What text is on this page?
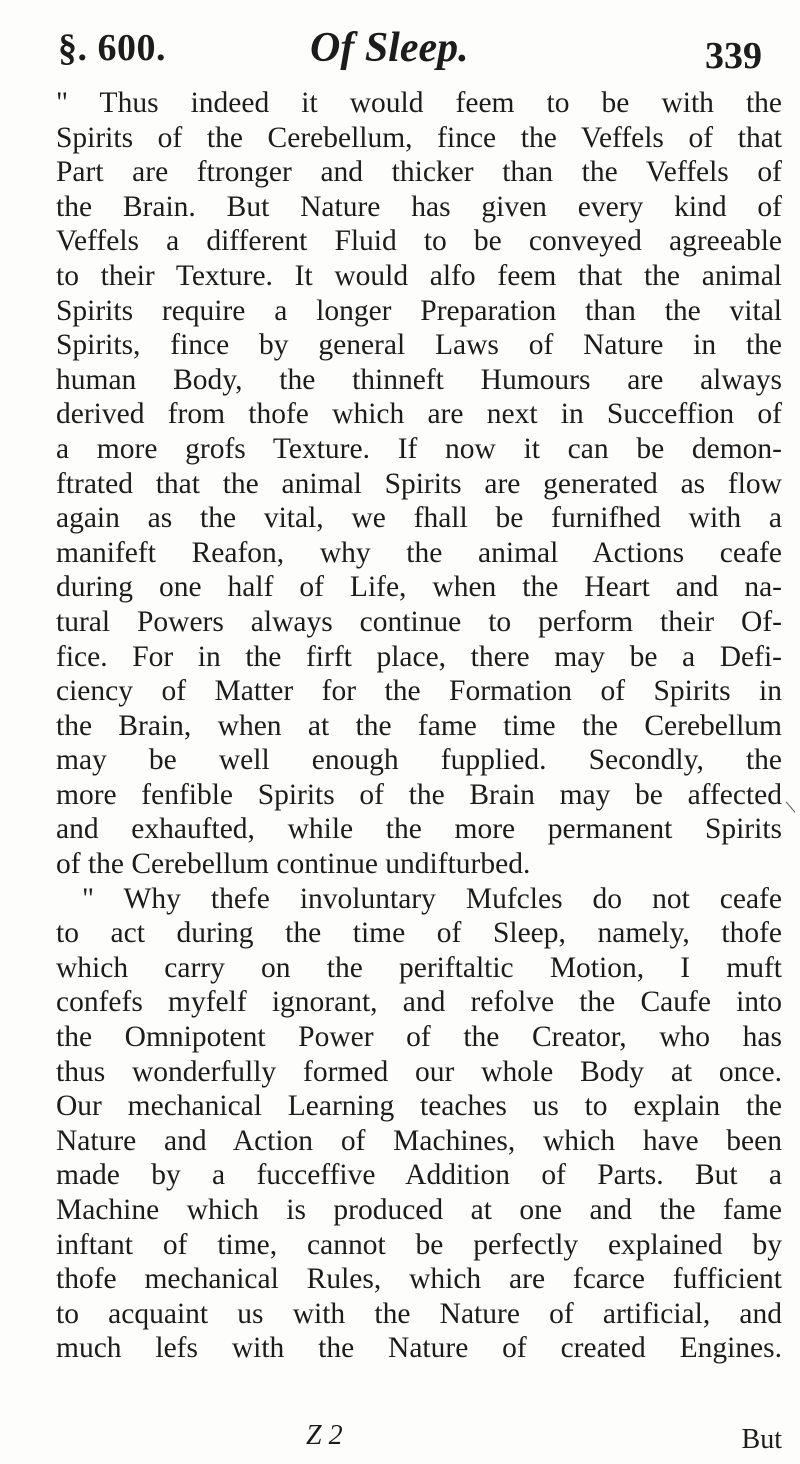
§. 600.	Of Sleep.	339
" Thus indeed it would feem to be with the
Spirits of the Cerebellum, fince the Veffels of that
Part are ftronger and thicker than the Veffels of
the Brain. But Nature has given every kind of
Veffels a different Fluid to be conveyed agreeable
to their Texture. It would alfo feem that the animal
Spirits require a longer Preparation than the vital
Spirits, fince by general Laws of Nature in the
human Body, the thinneft Humours are always
derived from thofe which are next in Succeffion of
a more grofs Texture. If now it can be demon-
ftrated that the animal Spirits are generated as flow
again as the vital, we fhall be furnifhed with a
manifeft Reafon, why the animal Actions ceafe
during one half of Life, when the Heart and na-
tural Powers always continue to perform their Of-
fice. For in the firft place, there may be a Defi-
ciency of Matter for the Formation of Spirits in
the Brain, when at the fame time the Cerebellum
may be well enough fupplied. Secondly, the
more fenfible Spirits of the Brain may be affected
and exhaufted, while the more permanent Spirits
of the Cerebellum continue undifturbed.
" Why thefe involuntary Mufcles do not ceafe
to act during the time of Sleep, namely, thofe
which carry on the periftaltic Motion, I muft
confefs myfelf ignorant, and refolve the Caufe into
the Omnipotent Power of the Creator, who has
thus wonderfully formed our whole Body at once.
Our mechanical Learning teaches us to explain the
Nature and Action of Machines, which have been
made by a fucceffive Addition of Parts. But a
Machine which is produced at one and the fame
inftant of time, cannot be perfectly explained by
thofe mechanical Rules, which are fcarce fufficient
to acquaint us with the Nature of artificial, and
much lefs with the Nature of created Engines.
Z 2	But
